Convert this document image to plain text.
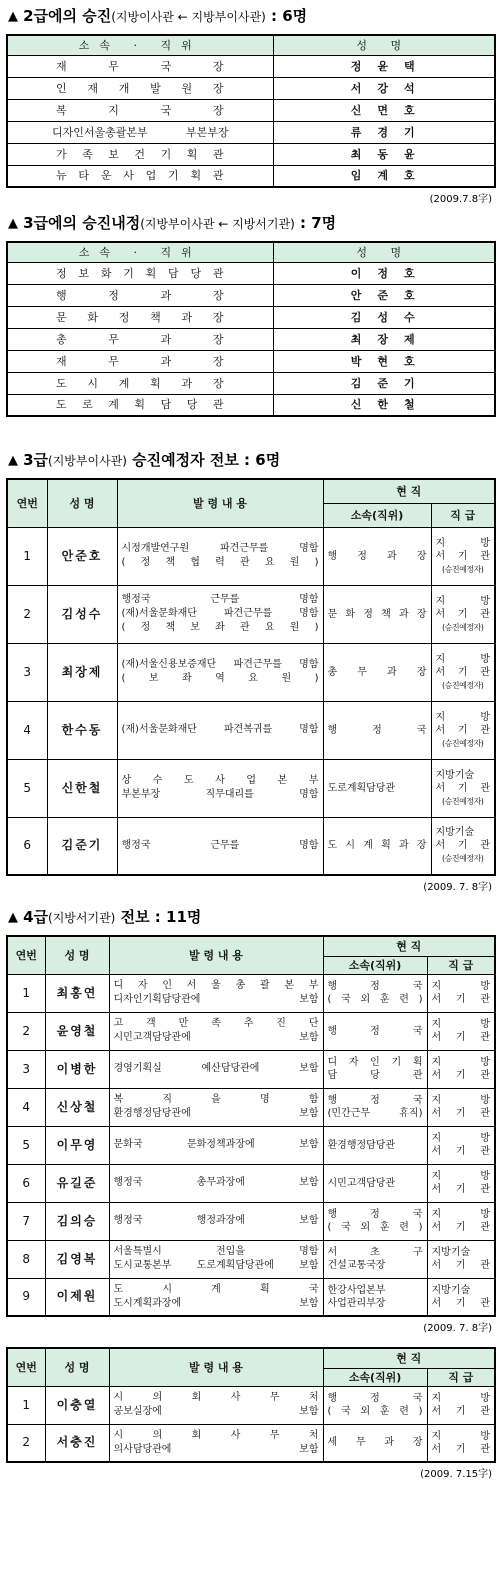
▲ 2급에의 승진(지방이사관 ← 지방부이사관) : 6명
소속 · 직위	성 명
재 무 국 장	정윤택
인 재 개 발 원 장	서강석
복 지 국 장	신면호
디자인서울총괄본부 부본부장	류경기
가 족 보 건 기 획 관	최동윤
뉴 타 운 사 업 기 획 관	임계호
(2009.7.8字)
▲ 3급에의 승진내정(지방부이사관 ← 지방서기관) : 7명
소속 · 직위	성 명
정 보 화 기 획 담 당 관	이정호
행 정 과 장	안준호
문 화 정 책 과 장	김성수
총 무 과 장	최장제
재 무 과 장	박현호
도 시 계 획 과 장	김준기
도 로 계 획 담 당 관	신한철
▲ 3급(지방부이사관) 승진예정자 전보 : 6명
연번	성 명	발 령 내 용	현 직	
			소속(직위)	직 급
1	안준호	시정개발연구원 파견근무를 명함
( 정 책 협 력 관 요 원 )	행 정 과 장	지 방
서 기 관
(승진예정자)

2	김성수	행정국 근무를 명함
(재)서울문화재단 파견근무를 명함
( 정 책 보 좌 관 요 원 )	문 화 정 책 과 장	지 방
서 기 관
(승진예정자)

3	최장제	(재)서울신용보증재단 파견근무를 명함
( 보 좌 역 요 원 )	총 무 과 장	지 방
서 기 관
(승진예정자)

4	한수동	(재)서울문화재단 파견복귀를 명함	행 정 국	지 방
서 기 관
(승진예정자)

5	신한철	상 수 도 사 업 본 부
부본부장 직무대리를 명함	도로계획담당관	지방기술
서 기 관
(승진예정자)

6	김준기	행정국 근무를 명함	도 시 계 획 과 장	지방기술
서 기 관
(승진예정자)
(2009. 7. 8字)
▲ 4급(지방서기관) 전보 : 11명
연번	성 명	발 령 내 용	현 직	
			소속(직위)	직 급
1	최홍연	디 자 인 서 울 총 괄 본 부
디자인기획담당관에 보함	행 정 국
( 국 외 훈 련 )	지 방
서 기 관

2	윤영철	고 객 만 족 추 진 단
시민고객담당관에 보함	행 정 국	지 방
서 기 관

3	이병한	경영기획실 예산담당관에 보함	디 자 인 기 획
담 당 관	지 방
서 기 관

4	신상철	복 직 을 명 함
환경행정담당관에 보함	행 정 국
(민간근무 휴직)	지 방
서 기 관

5	이무영	문화국 문화정책과장에 보함	환경행정담당관	지 방
서 기 관

6	유길준	행정국 총무과장에 보함	시민고객담당관	지 방
서 기 관

7	김의승	행정국 행정과장에 보함	행 정 국
( 국 외 훈 련 )	지 방
서 기 관

8	김영복	서울특별시 전입을 명함
도시교통본부 도로계획담당관에 보함	서 초 구
건설교통국장	지방기술
서 기 관

9	이제원	도 시 계 획 국
도시계획과장에 보함	한강사업본부
사업관리부장	지방기술
서 기 관
(2009. 7. 8字)
연번	성 명	발 령 내 용	현 직	
			소속(직위)	직 급
1	이충열	시 의 회 사 무 처
공보실장에 보함	행 정 국
( 국 외 훈 련 )	지 방
서 기 관

2	서충진	시 의 회 사 무 처
의사담당관에 보함	세 무 과 장	지 방
서 기 관
(2009. 7.15字)
